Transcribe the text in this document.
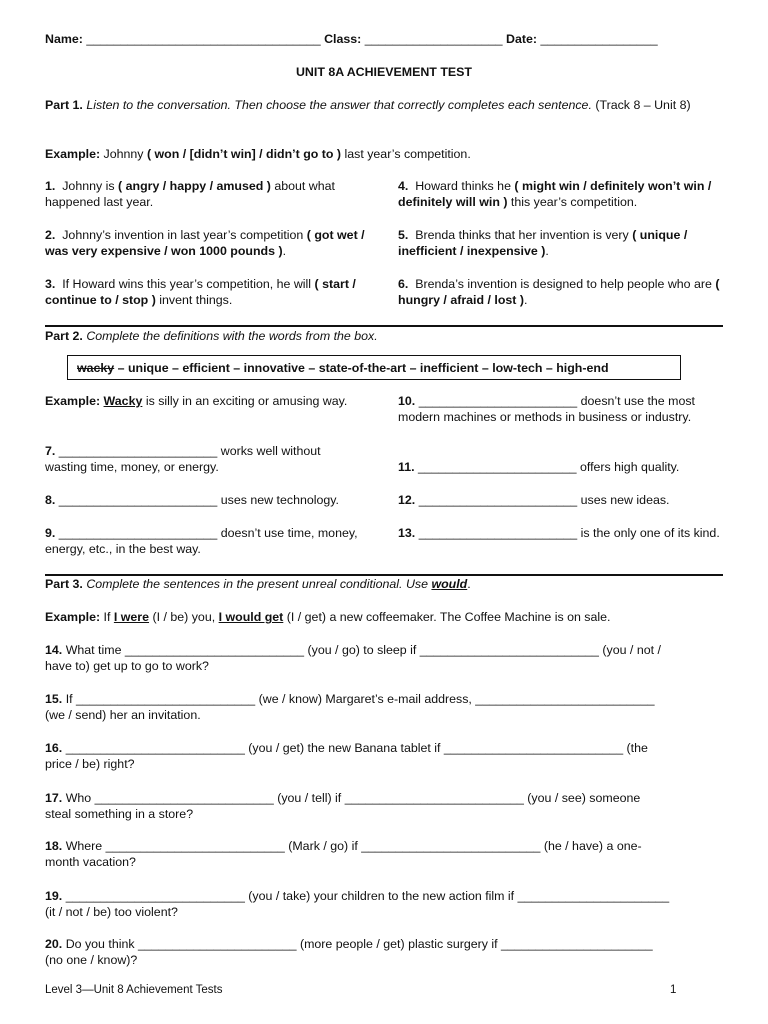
Name: __________________________________ Class: ____________________ Date: _________________
UNIT 8A ACHIEVEMENT TEST
Part 1. Listen to the conversation. Then choose the answer that correctly completes each sentence. (Track 8 – Unit 8)
Example: Johnny ( won / [didn’t win] / didn’t go to ) last year’s competition.
1. Johnny is ( angry / happy / amused ) about what happened last year.
2. Johnny’s invention in last year’s competition ( got wet / was very expensive / won 1000 pounds ).
3. If Howard wins this year’s competition, he will ( start / continue to / stop ) invent things.
4. Howard thinks he ( might win / definitely won’t win / definitely will win ) this year’s competition.
5. Brenda thinks that her invention is very ( unique / inefficient / inexpensive ).
6. Brenda’s invention is designed to help people who are ( hungry / afraid / lost ).
Part 2. Complete the definitions with the words from the box.
wacky – unique – efficient – innovative – state-of-the-art – inefficient – low-tech – high-end
Example: Wacky is silly in an exciting or amusing way.
7. _______________________ works well without wasting time, money, or energy.
8. _______________________ uses new technology.
9. _______________________ doesn’t use time, money, energy, etc., in the best way.
10. _______________________ doesn’t use the most modern machines or methods in business or industry.
11. _______________________ offers high quality.
12. _______________________ uses new ideas.
13. _______________________ is the only one of its kind.
Part 3. Complete the sentences in the present unreal conditional. Use would.
Example: If I were (I / be) you, I would get (I / get) a new coffeemaker. The Coffee Machine is on sale.
14. What time __________________________ (you / go) to sleep if __________________________ (you / not /
have to) get up to go to work?
15. If __________________________ (we / know) Margaret’s e-mail address, __________________________
(we / send) her an invitation.
16. __________________________ (you / get) the new Banana tablet if __________________________ (the
price / be) right?
17. Who __________________________ (you / tell) if __________________________ (you / see) someone
steal something in a store?
18. Where __________________________ (Mark / go) if __________________________ (he / have) a one-
month vacation?
19. __________________________ (you / take) your children to the new action film if ______________________
(it / not / be) too violent?
20. Do you think _______________________ (more people / get) plastic surgery if ______________________
(no one / know)?
Level 3—Unit 8 Achievement Tests	1
